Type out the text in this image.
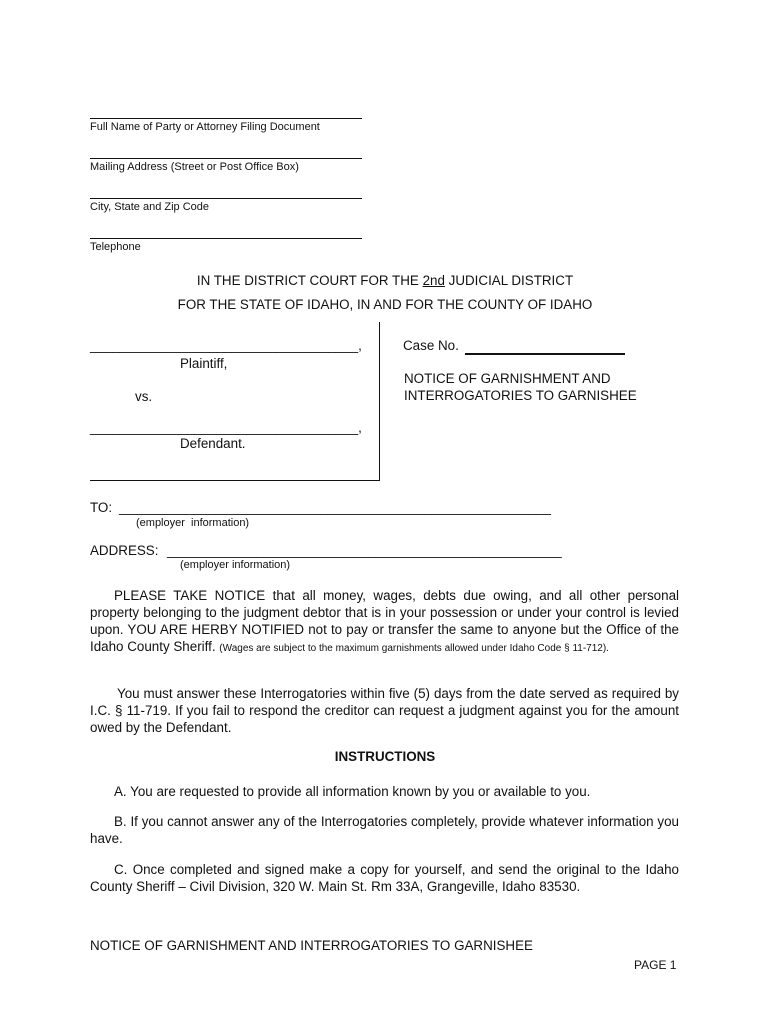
Full Name of Party or Attorney Filing Document
Mailing Address (Street or Post Office Box)
City, State and Zip Code
Telephone
IN THE DISTRICT COURT FOR THE 2nd JUDICIAL DISTRICT
FOR THE STATE OF IDAHO, IN AND FOR THE COUNTY OF IDAHO
____________________________________,
Plaintiff,
vs.
____________________________________,
Defendant.
Case No.
NOTICE OF GARNISHMENT AND
INTERROGATORIES TO GARNISHEE
TO: __________________________________________________________
(employer  information)
ADDRESS: _____________________________________________________
(employer information)
PLEASE TAKE NOTICE that all money, wages, debts due owing, and all other personal property belonging to the judgment debtor that is in your possession or under your control is levied upon. YOU ARE HERBY NOTIFIED not to pay or transfer the same to anyone but the Office of the Idaho County Sheriff. (Wages are subject to the maximum garnishments allowed under Idaho Code § 11-712).
You must answer these Interrogatories within five (5) days from the date served as required by I.C. § 11-719. If you fail to respond the creditor can request a judgment against you for the amount owed by the Defendant.
INSTRUCTIONS
A. You are requested to provide all information known by you or available to you.
B. If you cannot answer any of the Interrogatories completely, provide whatever information you have.
C. Once completed and signed make a copy for yourself, and send the original to the Idaho County Sheriff – Civil Division, 320 W. Main St. Rm 33A, Grangeville, Idaho 83530.
NOTICE OF GARNISHMENT AND INTERROGATORIES TO GARNISHEE
PAGE 1
